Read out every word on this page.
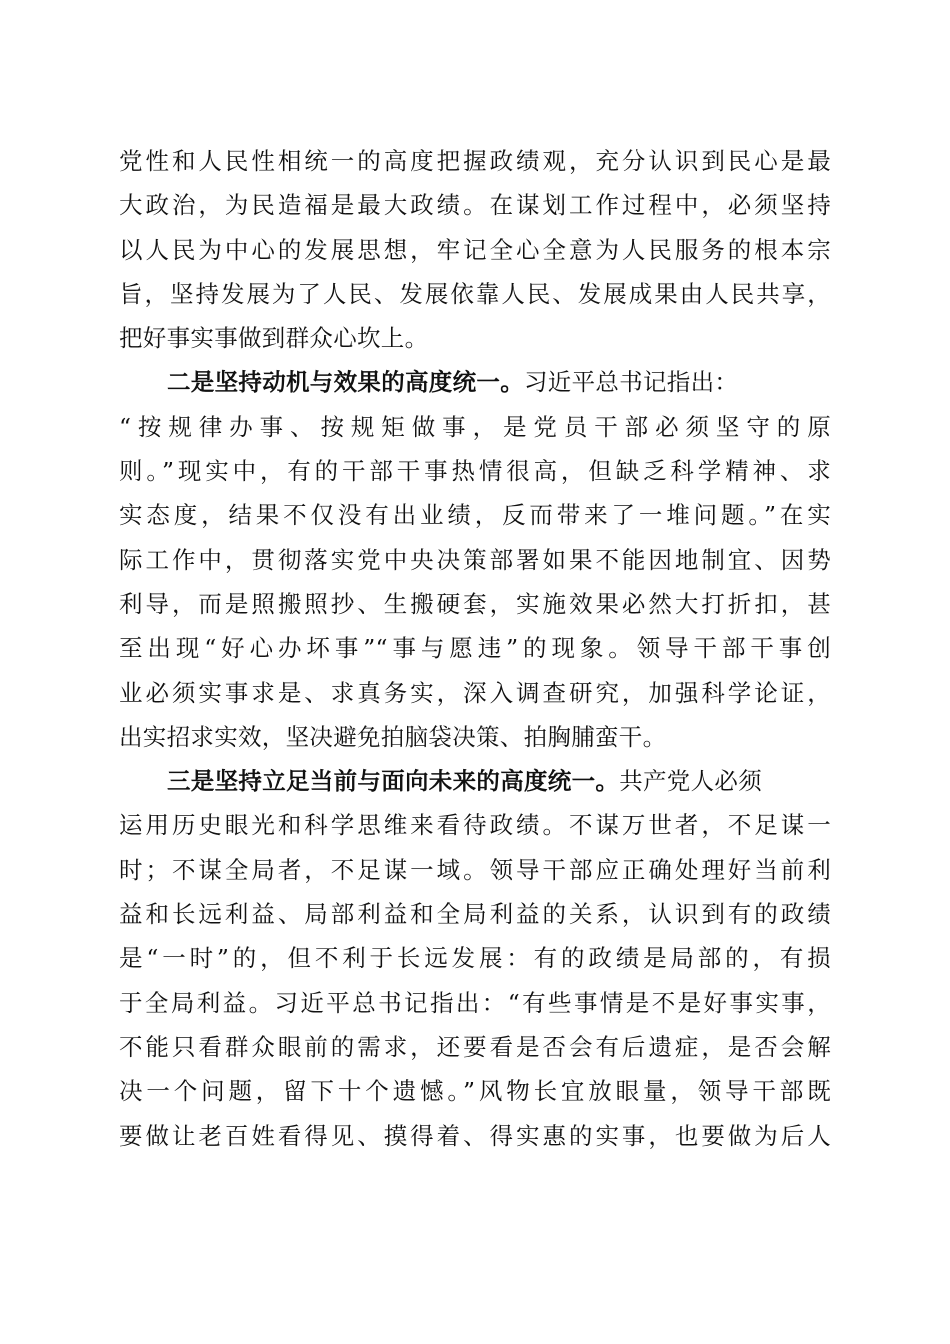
党性和人民性相统一的高度把握政绩观，充分认识到民心是最
大政治，为民造福是最大政绩。在谋划工作过程中，必须坚持
以人民为中心的发展思想，牢记全心全意为人民服务的根本宗
旨，坚持发展为了人民、发展依靠人民、发展成果由人民共享，
把好事实事做到群众心坎上。
二是坚持动机与效果的高度统一。习近平总书记指出：
“按规律办事、按规矩做事，是党员干部必须坚守的原
则。”现实中，有的干部干事热情很高，但缺乏科学精神、求
实态度，结果不仅没有出业绩，反而带来了一堆问题。”在实
际工作中，贯彻落实党中央决策部署如果不能因地制宜、因势
利导，而是照搬照抄、生搬硬套，实施效果必然大打折扣，甚
至出现“好心办坏事”“事与愿违”的现象。领导干部干事创
业必须实事求是、求真务实，深入调查研究，加强科学论证，
出实招求实效，坚决避免拍脑袋决策、拍胸脯蛮干。
三是坚持立足当前与面向未来的高度统一。共产党人必须
运用历史眼光和科学思维来看待政绩。不谋万世者，不足谋一
时；不谋全局者，不足谋一域。领导干部应正确处理好当前利
益和长远利益、局部利益和全局利益的关系，认识到有的政绩
是“一时”的，但不利于长远发展：有的政绩是局部的，有损
于全局利益。习近平总书记指出：“有些事情是不是好事实事，
不能只看群众眼前的需求，还要看是否会有后遗症，是否会解
决一个问题，留下十个遗憾。”风物长宜放眼量，领导干部既
要做让老百姓看得见、摸得着、得实惠的实事，也要做为后人
